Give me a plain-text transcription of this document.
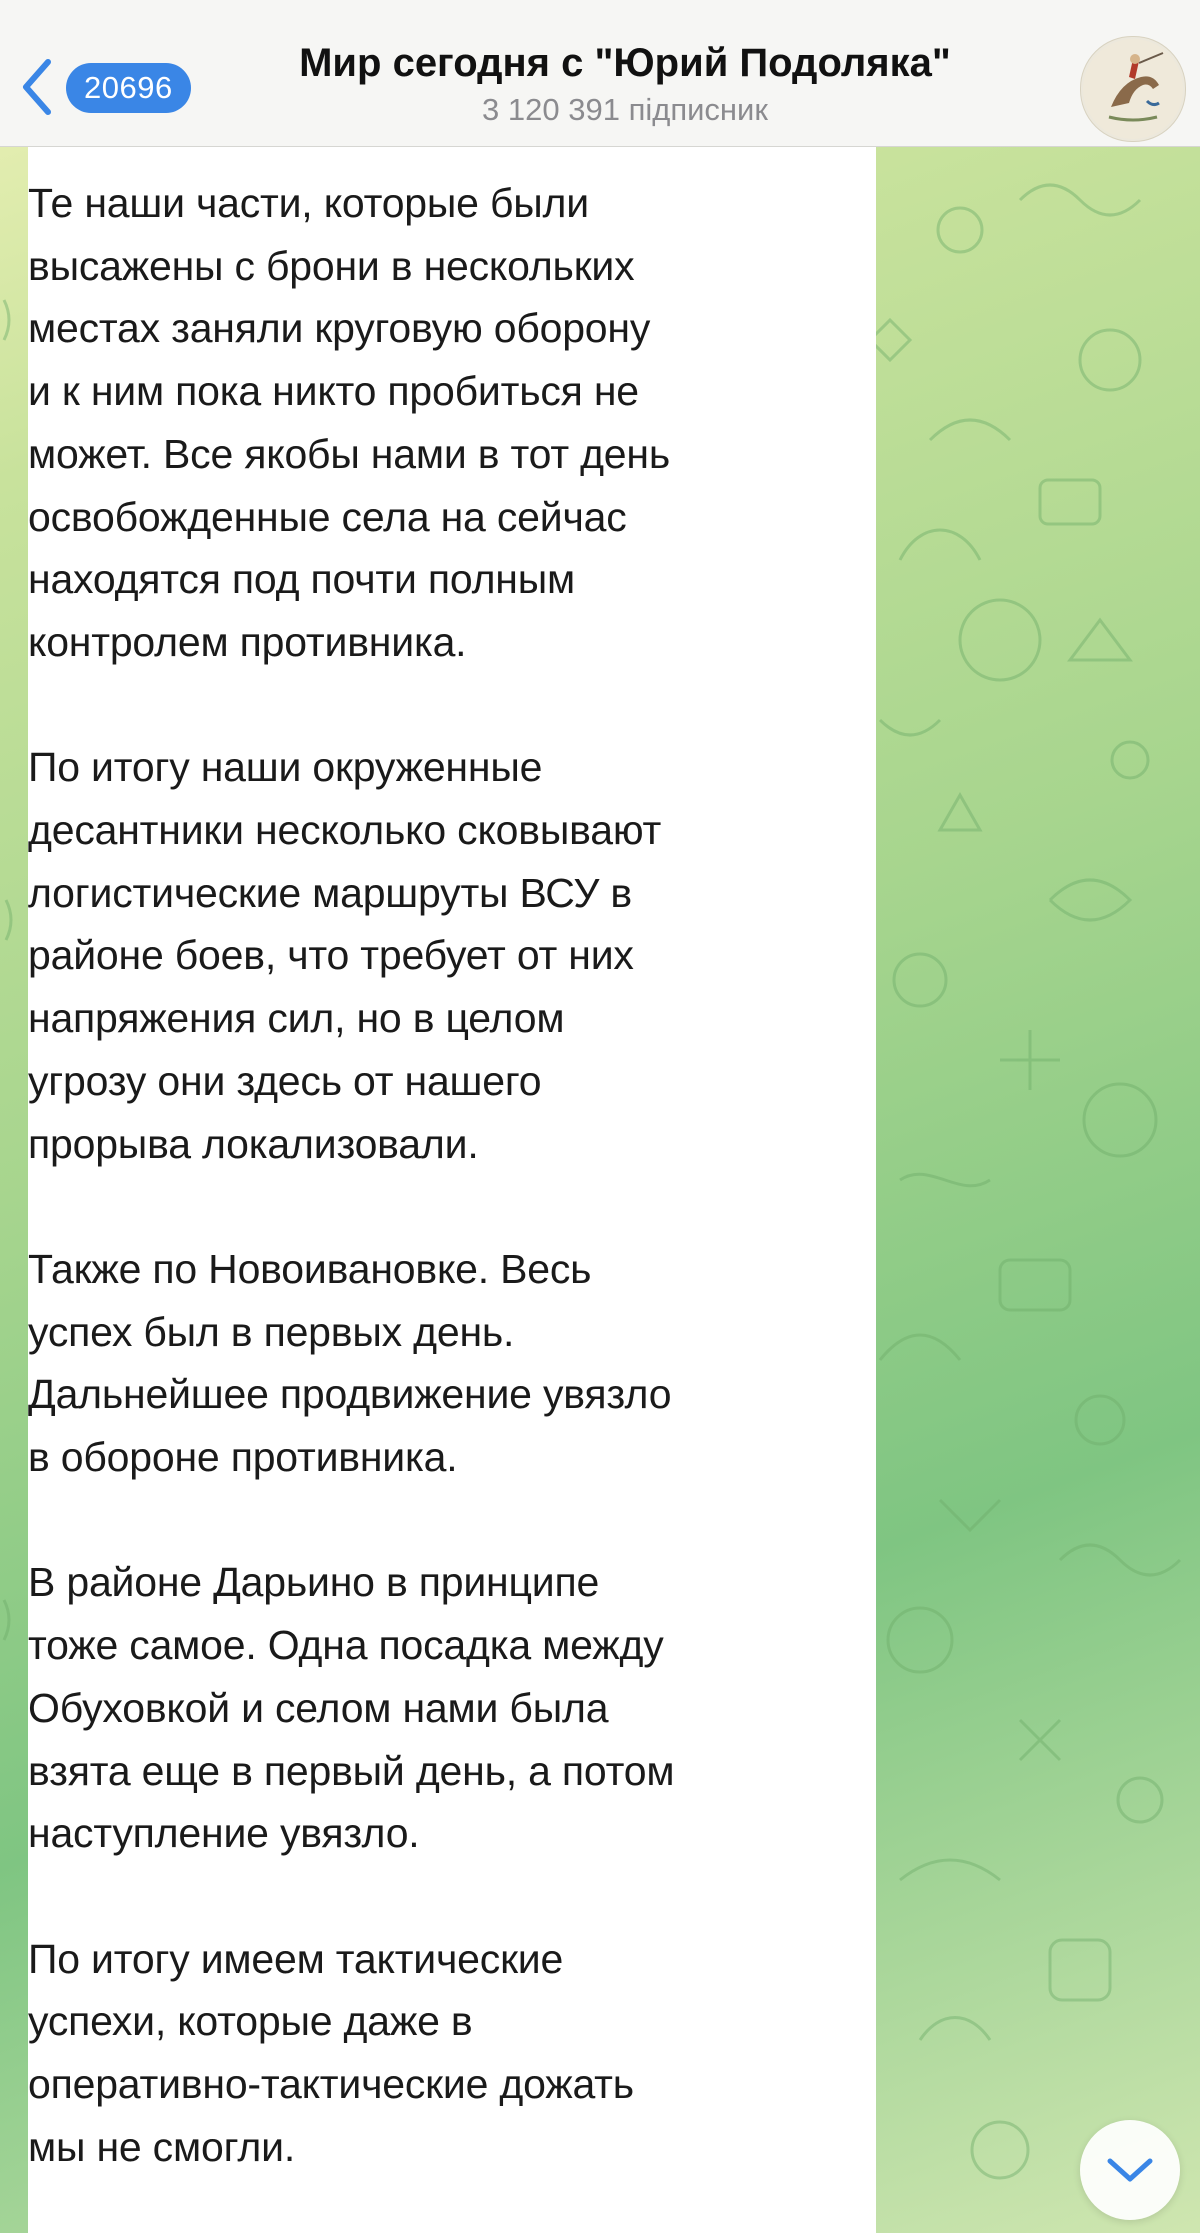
Те наши части, которые были
высажены с брони в нескольких
местах заняли круговую оборону
и к ним пока никто пробиться не
может. Все якобы нами в тот день
освобожденные села на сейчас
находятся под почти полным
контролем противника.
По итогу наши окруженные
десантники несколько сковывают
логистические маршруты ВСУ в
районе боев, что требует от них
напряжения сил, но в целом
угрозу они здесь от нашего
прорыва локализовали.
Также по Новоивановке. Весь
успех был в первых день.
Дальнейшее продвижение увязло
в обороне противника.
В районе Дарьино в принципе
тоже самое. Одна посадка между
Обуховкой и селом нами была
взята еще в первый день, а потом
наступление увязло.
По итогу имеем тактические
успехи, которые даже в
оперативно-тактические дожать
мы не смогли.
20696
Мир сегодня с "Юрий Подоляка"
3 120 391 підписник
